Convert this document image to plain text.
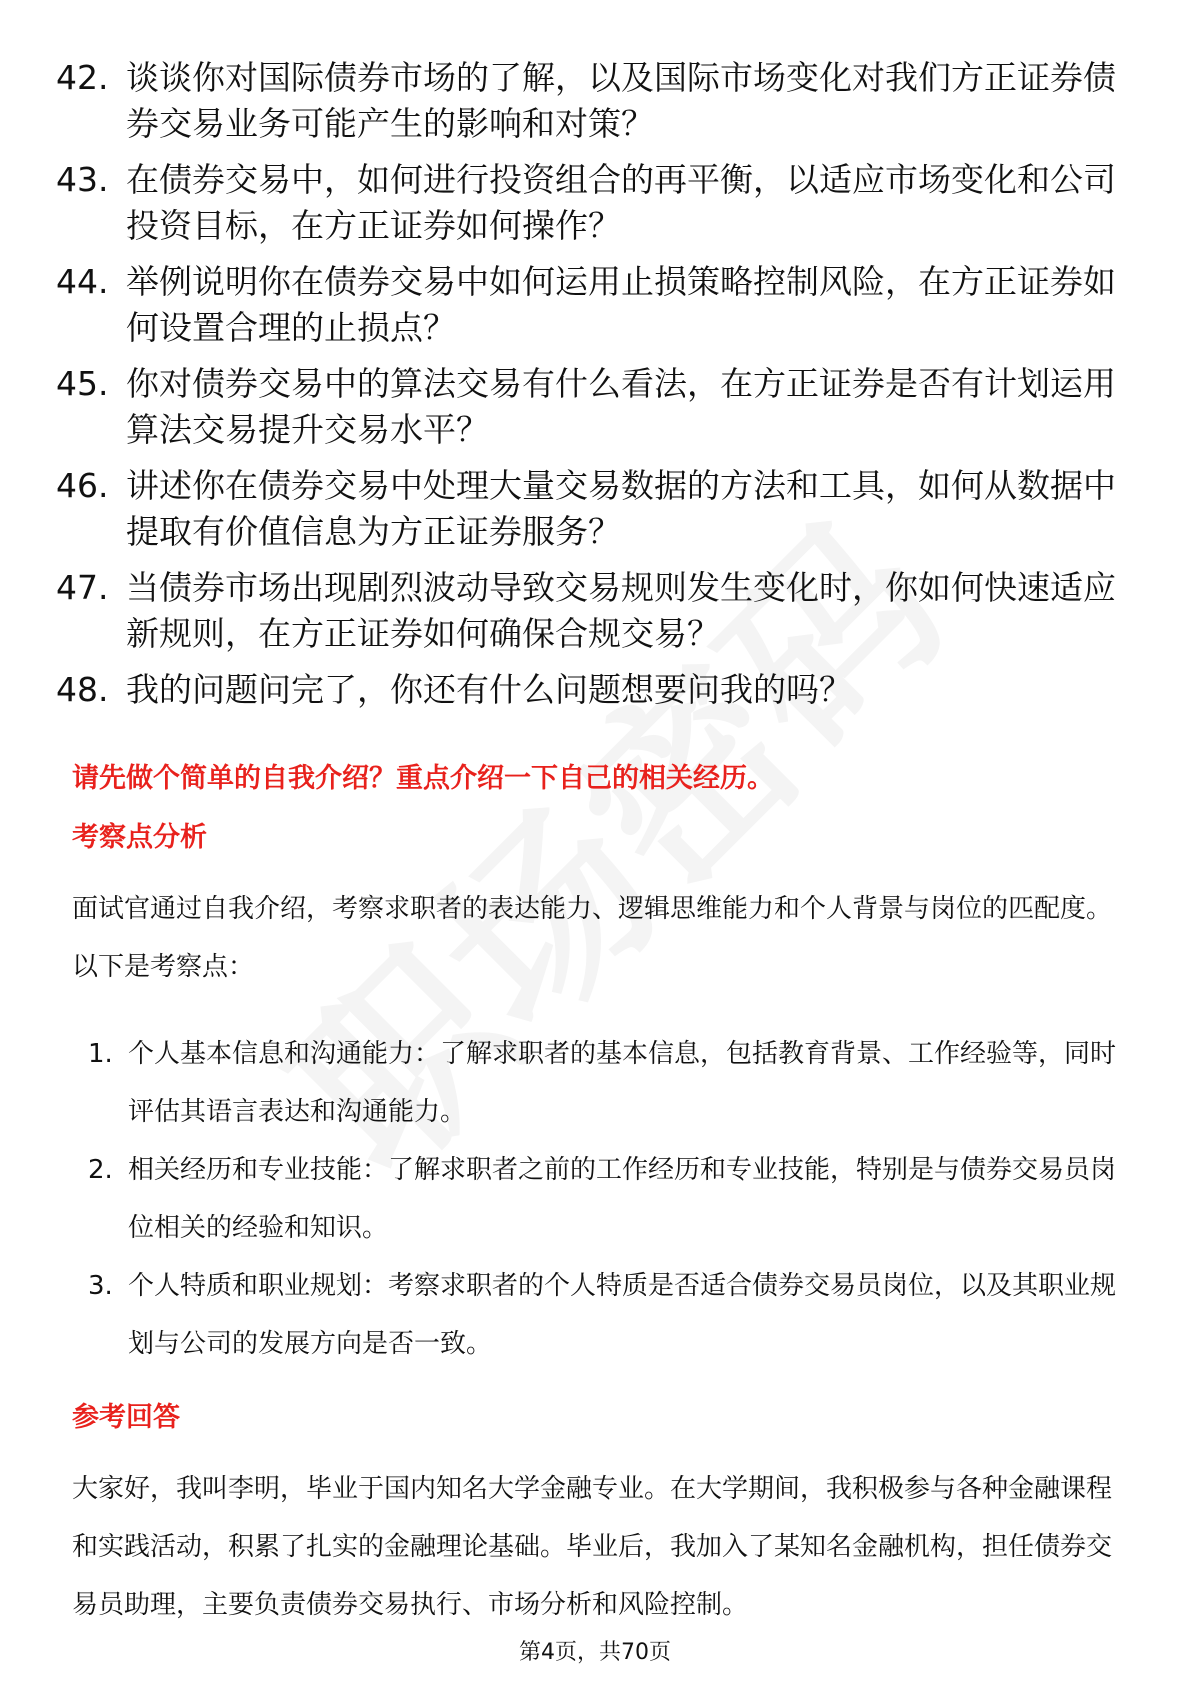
42. 谈谈你对国际债券市场的了解，以及国际市场变化对我们方正证券债券交易业务可能产生的影响和对策？
43. 在债券交易中，如何进行投资组合的再平衡，以适应市场变化和公司投资目标，在方正证券如何操作？
44. 举例说明你在债券交易中如何运用止损策略控制风险，在方正证券如何设置合理的止损点？
45. 你对债券交易中的算法交易有什么看法，在方正证券是否有计划运用算法交易提升交易水平？
46. 讲述你在债券交易中处理大量交易数据的方法和工具，如何从数据中提取有价值信息为方正证券服务？
47. 当债券市场出现剧烈波动导致交易规则发生变化时，你如何快速适应新规则，在方正证券如何确保合规交易？
48. 我的问题问完了，你还有什么问题想要问我的吗？
请先做个简单的自我介绍？重点介绍一下自己的相关经历。
考察点分析
面试官通过自我介绍，考察求职者的表达能力、逻辑思维能力和个人背景与岗位的匹配度。以下是考察点：
1. 个人基本信息和沟通能力：了解求职者的基本信息，包括教育背景、工作经验等，同时评估其语言表达和沟通能力。
2. 相关经历和专业技能：了解求职者之前的工作经历和专业技能，特别是与债券交易员岗位相关的经验和知识。
3. 个人特质和职业规划：考察求职者的个人特质是否适合债券交易员岗位，以及其职业规划与公司的发展方向是否一致。
参考回答
大家好，我叫李明，毕业于国内知名大学金融专业。在大学期间，我积极参与各种金融课程和实践活动，积累了扎实的金融理论基础。毕业后，我加入了某知名金融机构，担任债券交易员助理，主要负责债券交易执行、市场分析和风险控制。
第4页，共70页
